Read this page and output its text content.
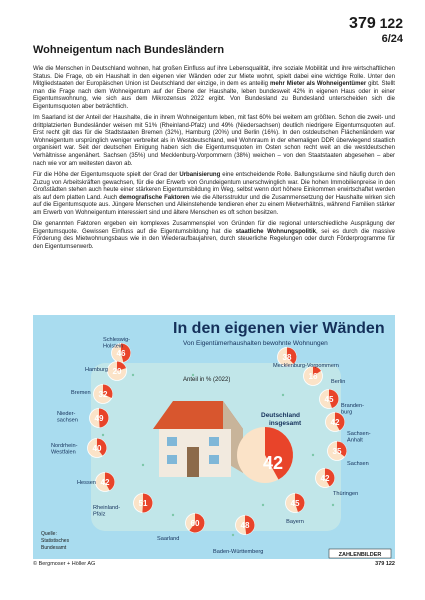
379 122
6/24
Wohneigentum nach Bundesländern

Wie die Menschen in Deutschland wohnen, hat großen Einfluss auf ihre Lebensqualität, ihre soziale Mobilität und ihre wirtschaftlichen Status. Die Frage, ob ein Haushalt in den eigenen vier Wänden oder zur Miete wohnt, spielt dabei eine wichtige Rolle. Unter den Mitgliedstaaten der Europäischen Union ist Deutschland der einzige, in dem es anteilig mehr Mieter als Wohneigentümer gibt. Stellt man die Frage nach dem Wohneigentum auf der Ebene der Haushalte, leben bundesweit 42% in eigenen Haus oder in einer Eigentumswohnung, wie sich aus dem Mikrozensus 2022 ergibt. Von Bundesland zu Bundesland unterscheiden sich die Eigentumsquoten aber beträchtlich.

Im Saarland ist der Anteil der Haushalte, die in ihrem Wohneigentum leben, mit fast 60% bei weitem am größten. Schon die zweit- und drittplatzierten Bundesländer weisen mit 51% (Rheinland-Pfalz) und 49% (Niedersachsen) deutlich niedrigere Eigentumsquoten auf. Erst recht gilt das für die Stadtstaaten Bremen (32%), Hamburg (20%) und Berlin (16%). In den ostdeutschen Flächenländern war Wohneigentum ursprünglich weniger verbreitet als in Westdeutschland, weil Wohnraum in der ehemaligen DDR überwiegend staatlich organisiert war. Seit der deutschen Einigung haben sich die Eigentumsquoten im Osten schon recht weit an die westdeutschen Verhältnisse angenähert. Sachsen (35%) und Mecklenburg-Vorpommern (38%) weichen – von den Staatstaaten abgesehen – aber nach wie vor am weitesten davon ab.

Für die Höhe der Eigentumsquote spielt der Grad der Urbanisierung eine entscheidende Rolle. Ballungsräume sind häufig durch den Zuzug von Arbeitskräften gewachsen, für die der Erwerb von Grundeigentum unerschwinglich war. Die hohen Immobilienpreise in den Großstädten stehen auch heute einer stärkeren Eigentumsbildung im Weg, selbst wenn dort höhere Einkommen erwirtschaftet werden als auf dem platten Land. Auch demografische Faktoren wie die Altersstruktur und die Zusammensetzung der Haushalte wirken sich auf die Eigentumsquote aus. Jüngere Menschen und Alleinstehende tendieren eher zu einem Mietverhältnis, während Familien stärker am Erwerb von Wohneigentum interessiert sind und ältere Menschen es oft schon besitzen.

Die genannten Faktoren ergeben ein komplexes Zusammenspiel von Gründen für die regional unterschiedliche Ausprägung der Eigentumsquote. Gewissen Einfluss auf die Eigentumsbildung hat die staatliche Wohnungspolitik, sei es durch die massive Förderung des Mietwohnungsbaus wie in den Wiederaufbaujahren, durch steuerliche Regelungen oder durch Förderprogramme für den Eigentumserwerb.

In den eigenen vier Wänden
Von Eigentümerhaushalten bewohnte Wohnungen
Anteil in % (2022)
42
Deutschland
insgesamt
46
Schleswig-
Holstein
20
Hamburg
32
Bremen
49
Nieder-
sachsen
40
Nordrhein-
Westfalen
42
Hessen
51
Rheinland-
Pfalz
60
Saarland
48
Baden-Württemberg
45
Bayern
42
Thüringen
35
Sachsen
42
Sachsen-
Anhalt
45
Branden-
burg
16
Berlin
38
Mecklenburg-Vorpommern
Quelle:
Statistisches
Bundesamt
ZAHLENBILDER
© Bergmoser + Höller AG	379 122
